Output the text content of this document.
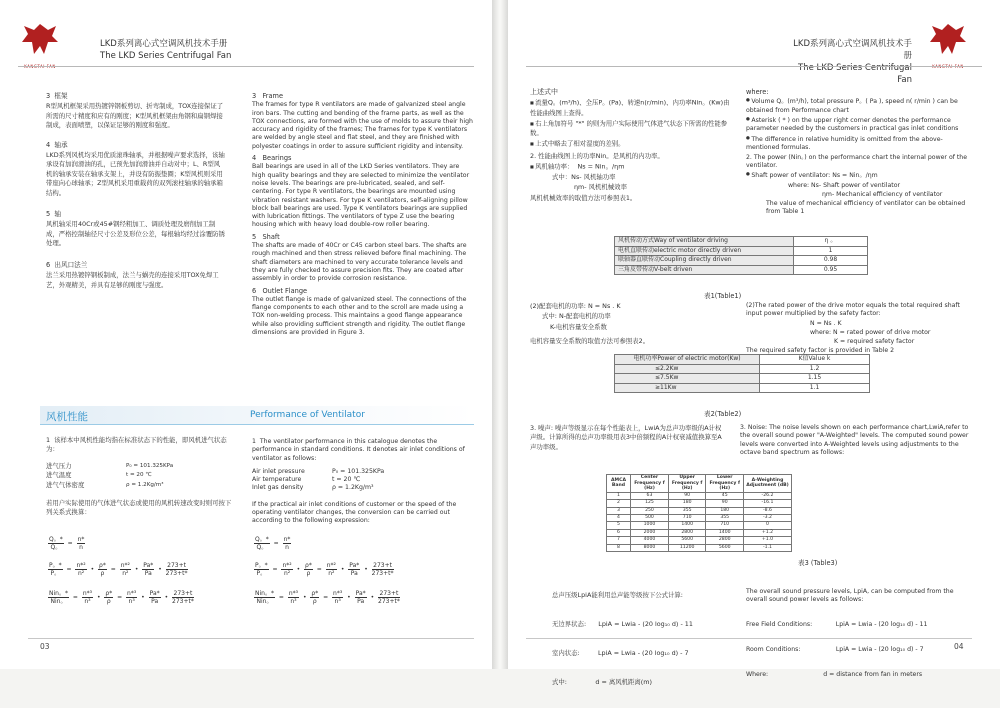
KANGTAI FAN
LKD系列离心式空调风机技术手册
The LKD Series Centrifugal Fan

3  框架

R型风机框架采用热镀锌钢板剪切、折弯制成，TOX连接保证了所需的尺寸精度和应有的刚度；K型风机框架由角钢和扁钢焊接制成，表面喷塑，以保证足够的刚度和强度。

4  轴承

LKD系列风机均采用优质滚珠轴承，并根据噪声要求选择，该轴承设有加润滑油的孔，已预先加润滑油并自动对中；L、R型风机的轴承安装在轴承支架上，并设有防振垫圈；K型风机则采用带座向心球轴承；Z型风机采用重载荷的双列滚柱轴承的轴承箱结构。

5  轴

风机轴采用40Cr或45#钢经粗加工、调质处理及磨削加工制成，严格控制轴径尺寸公差及形位公差，每根轴均经过涂覆防锈处理。

6  出风口法兰

法兰采用热镀锌钢板制成，法兰与蜗壳的连接采用TOX免焊工艺，外观精美，并具有足够的刚度与强度。

3   Frame

The frames for type R ventilators are made of galvanized steel angle iron bars. The cutting and bending of the frame parts, as well as the TOX connections, are formed with the use of molds to assure their high accuracy and rigidity of the frames; The frames for type K ventilators are welded by angle steel and flat steel, and they are finished with polyester coatings in order to assure sufficient rigidity and intensity.

4   Bearings

Ball bearings are used in all of the LKD Series ventilators. They are high quality bearings and they are selected to minimize the ventilator noise levels. The bearings are pre-lubricated, sealed, and self-centering. For type R ventilators, the bearings are mounted using vibration resistant washers. For type K ventilators, self-aligning pillow block ball bearings are used. Type K ventilators bearings are supplied with lubrication fittings. The ventilators of type Z use the bearing housing which with heavy load double-row roller bearing.

5   Shaft

The shafts are made of 40Cr or C45 carbon steel bars. The shafts are rough machined and then stress relieved before final machining. The shaft diameters are machined to very accurate tolerance levels and they are fully checked to assure precision fits. They are coated after assembly in order to provide corrosion resistance.

6   Outlet Flange

The outlet flange is made of galvanized steel. The connections of the flange components to each other and to the scroll are made using a TOX non-welding process. This maintains a good flange appearance while also providing sufficient strength and rigidity. The outlet flange dimensions are provided in Figure 3.

风机性能	Performance of Ventilator

1  该样本中风机性能均指在标准状态下的性能，即风机进气状态为：

进气压力	P₀ = 101.325KPa
进气温度	t = 20 ℃
进气气体密度	ρ = 1.2Kg/m³

若用户实际使用的气体进气状态或使用的风机转速改变时则可按下列关系式换算：

1  The ventilator performance in this catalogue denotes the performance in standard conditions. It denotes air inlet conditions of ventilator as follows:

Air inlet pressure	P₀ = 101.325KPa
Air temperature	t = 20 ℃
Inlet gas density	ρ = 1.2Kg/m³

If the practical air inlet conditions of customer or the speed of the operating ventilator changes, the conversion can be carried out according to the following expression:

$\frac{Q。*}{Q。} = \frac{n*}{n}$
$\frac{P。*}{P。} = \frac{\text{n*²}}{\text{n²}}$ • $\frac{\rho*}{\rho} = \frac{\text{n*²}}{\text{n²}}$ • $\frac{Pa*}{Pa}$ • $\frac{273+t}{273+t*}$
$\frac{\text{Nin。*}}{\text{Nin。}} = \frac{\text{n*³}}{\text{n³}}$ • $\frac{\rho*}{\rho} = \frac{\text{n*³}}{\text{n³}}$ • $\frac{Pa*}{Pa}$ • $\frac{273+t}{273+t*}$
$\frac{Q。*}{Q。} = \frac{n*}{n}$
$\frac{P。*}{P。} = \frac{\text{n*²}}{\text{n²}}$ • $\frac{\rho*}{\rho} = \frac{\text{n*²}}{\text{n²}}$ • $\frac{Pa*}{Pa}$ • $\frac{273+t}{273+t*}$
$\frac{\text{Nin。*}}{\text{Nin。}} = \frac{\text{n*³}}{\text{n³}}$ • $\frac{\rho*}{\rho} = \frac{\text{n*³}}{\text{n³}}$ • $\frac{Pa*}{Pa}$ • $\frac{273+t}{273+t*}$
03
LKD系列离心式空调风机技术手册
The LKD Series Centrifugal Fan
KANGTAI FAN

上述式中

■ 流量Q。(m³/h)、全压P。(Pa)、转速n(r/min)、内功率Nin。(Kw)由性能曲线图上查得。

■ 右上角加符号 "*" 的则为用户实际使用气体进气状态下所需的性能参数。

■ 上式中略去了相对湿度的差别。

2. 性能曲线图上的功率Nin。是风机的内功率。

■ 风机轴功率：  Ns = Nin。/ηm

式中：Ns- 风机轴功率

ηm- 风机机械效率

风机机械效率的取值方法可参照表1。

where:

● Volume Q。(m³/h), total pressure P。( Pa ), speed n( r/min ) can be obtained from Performance chart

● Asterisk ( * ) on the upper right corner denotes the performance parameter needed by the customers in practical gas inlet conditions

● The difference in relative humidity is omitted from the above-mentioned formulas.

2. The power (Nin。) on the performance chart the internal power of the ventilator.

● Shaft power of ventilator: Ns = Nin。/ηm

where: Ns- Shaft power of ventilator

ηm- Mechanical efficiency of ventilator

The value of mechanical efficiency of ventilator can be obtained from Table 1

风机传动方式Way of ventilator driving	η 。
电机直联传动electric motor directly driven	1
联轴器直联传动Coupling directly driven	0.98
三角皮带传动V-belt driven	0.95
表1(Table1)

(2)配套电机的功率: N = Ns . K

式中: N-配套电机的功率

K-电机容量安全系数

电机容量安全系数的取值方法可参照表2。

(2)The rated power of the drive motor equals the total required shaft input power multiplied by the safety factor:

N = Ns . K

where: N = rated power of drive motor

K = required safety factor

The required safety factor is provided in Table 2

电机功率Power of electric motor(Kw)	K值Value k
≤2.2Kw	1.2
≤7.5Kw	1.15
≥11Kw	1.1
表2(Table2)

3. 噪声: 噪声等级显示在每个性能表上，LwiA为总声功率级的A计权声级。计算所得的总声功率级用表3中倍频程的A计权衰减值换算至A声功率级。

3. Noise: The noise levels shown on each performance chart,LwiA,refer to the overall sound power "A-Weighted" levels. The computed sound power levels were converted into A-Weighted levels using adjustments to the octave band spectrum as follows:

AMCA Band	Center Frequency f (Hz)	Upper Frequency f (Hz)	Lower Frequency f (Hz)	A-Weighting Adjustment (dB)
1	63	90	45	-26.2
2	125	180	90	-16.1
3	250	355	180	-8.6
4	500	710	355	-3.2
5	1000	1400	710	0
6	2000	2800	1400	+1.2
7	4000	5600	2800	+1.0
8	8000	11200	5600	-1.1
表3 (Table3)

总声压级LpiA能利用总声能等级按下公式计算:

无边界状态:      LpiA = Lwia - (20 log₁₀ d) - 11

室内状态:         LpiA = Lwia - (20 log₁₀ d) - 7

式中:              d = 离风机距离(m)

The overall sound pressure levels, LpiA, can be computed from the overall sound power levels as follows:

Free Field Conditions:            LpiA = Lwia - (20 log₁₀ d) - 11

Room Conditions:                  LpiA = Lwia - (20 log₁₀ d) - 7

Where:                            d = distance from fan in meters

04
